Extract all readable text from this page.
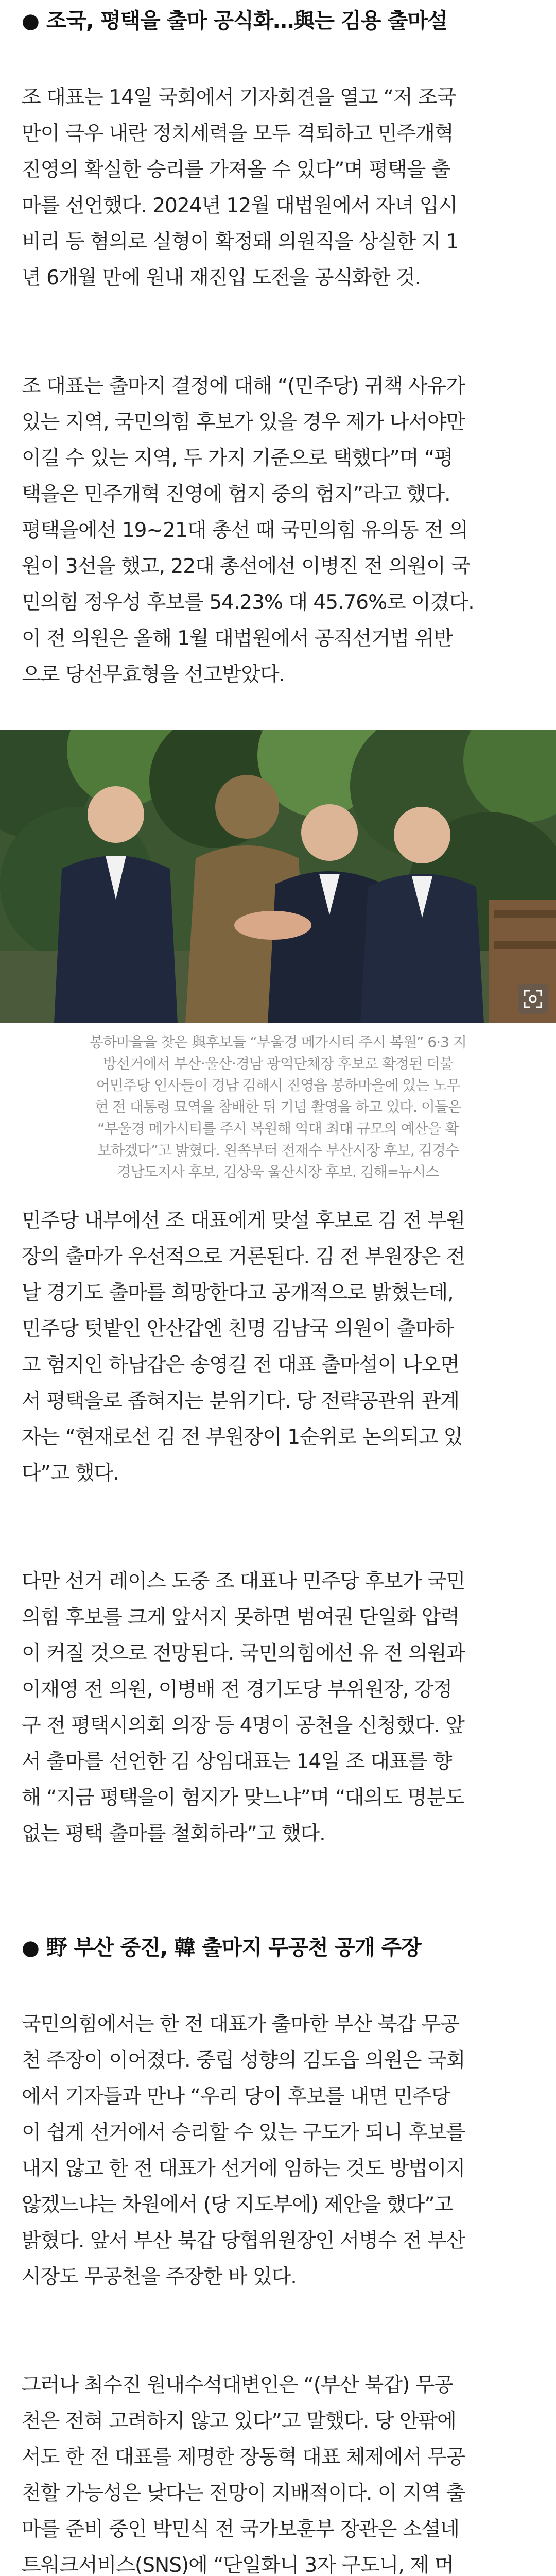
● 조국, 평택을 출마 공식화…與는 김용 출마설
조 대표는 14일 국회에서 기자회견을 열고 “저 조국
만이 극우 내란 정치세력을 모두 격퇴하고 민주개혁
진영의 확실한 승리를 가져올 수 있다”며 평택을 출
마를 선언했다. 2024년 12월 대법원에서 자녀 입시
비리 등 혐의로 실형이 확정돼 의원직을 상실한 지 1
년 6개월 만에 원내 재진입 도전을 공식화한 것.
조 대표는 출마지 결정에 대해 “(민주당) 귀책 사유가
있는 지역, 국민의힘 후보가 있을 경우 제가 나서야만
이길 수 있는 지역, 두 가지 기준으로 택했다”며 “평
택을은 민주개혁 진영에 험지 중의 험지”라고 했다.
평택을에선 19~21대 총선 때 국민의힘 유의동 전 의
원이 3선을 했고, 22대 총선에선 이병진 전 의원이 국
민의힘 정우성 후보를 54.23% 대 45.76%로 이겼다.
이 전 의원은 올해 1월 대법원에서 공직선거법 위반
으로 당선무효형을 선고받았다.
봉하마을을 찾은 與후보들 “부울경 메가시티 주시 복원” 6·3 지
방선거에서 부산·울산·경남 광역단체장 후보로 확정된 더불
어민주당 인사들이 경남 김해시 진영읍 봉하마을에 있는 노무
현 전 대통령 묘역을 참배한 뒤 기념 촬영을 하고 있다. 이들은
“부울경 메가시티를 주시 복원해 역대 최대 규모의 예산을 확
보하겠다”고 밝혔다. 왼쪽부터 전재수 부산시장 후보, 김경수
경남도지사 후보, 김상욱 울산시장 후보. 김해=뉴시스
민주당 내부에선 조 대표에게 맞설 후보로 김 전 부원
장의 출마가 우선적으로 거론된다. 김 전 부원장은 전
날 경기도 출마를 희망한다고 공개적으로 밝혔는데,
민주당 텃밭인 안산갑엔 친명 김남국 의원이 출마하
고 험지인 하남갑은 송영길 전 대표 출마설이 나오면
서 평택을로 좁혀지는 분위기다. 당 전략공관위 관계
자는 “현재로선 김 전 부원장이 1순위로 논의되고 있
다”고 했다.
다만 선거 레이스 도중 조 대표나 민주당 후보가 국민
의힘 후보를 크게 앞서지 못하면 범여권 단일화 압력
이 커질 것으로 전망된다. 국민의힘에선 유 전 의원과
이재영 전 의원, 이병배 전 경기도당 부위원장, 강정
구 전 평택시의회 의장 등 4명이 공천을 신청했다. 앞
서 출마를 선언한 김 상임대표는 14일 조 대표를 향
해 “지금 평택을이 험지가 맞느냐”며 “대의도 명분도
없는 평택 출마를 철회하라”고 했다.
● 野 부산 중진, 韓 출마지 무공천 공개 주장
국민의힘에서는 한 전 대표가 출마한 부산 북갑 무공
천 주장이 이어졌다. 중립 성향의 김도읍 의원은 국회
에서 기자들과 만나 “우리 당이 후보를 내면 민주당
이 쉽게 선거에서 승리할 수 있는 구도가 되니 후보를
내지 않고 한 전 대표가 선거에 임하는 것도 방법이지
않겠느냐는 차원에서 (당 지도부에) 제안을 했다”고
밝혔다. 앞서 부산 북갑 당협위원장인 서병수 전 부산
시장도 무공천을 주장한 바 있다.
그러나 최수진 원내수석대변인은 “(부산 북갑) 무공
천은 전혀 고려하지 않고 있다”고 말했다. 당 안팎에
서도 한 전 대표를 제명한 장동혁 대표 체제에서 무공
천할 가능성은 낮다는 전망이 지배적이다. 이 지역 출
마를 준비 중인 박민식 전 국가보훈부 장관은 소셜네
트워크서비스(SNS)에 “단일화니 3자 구도니, 제 머
